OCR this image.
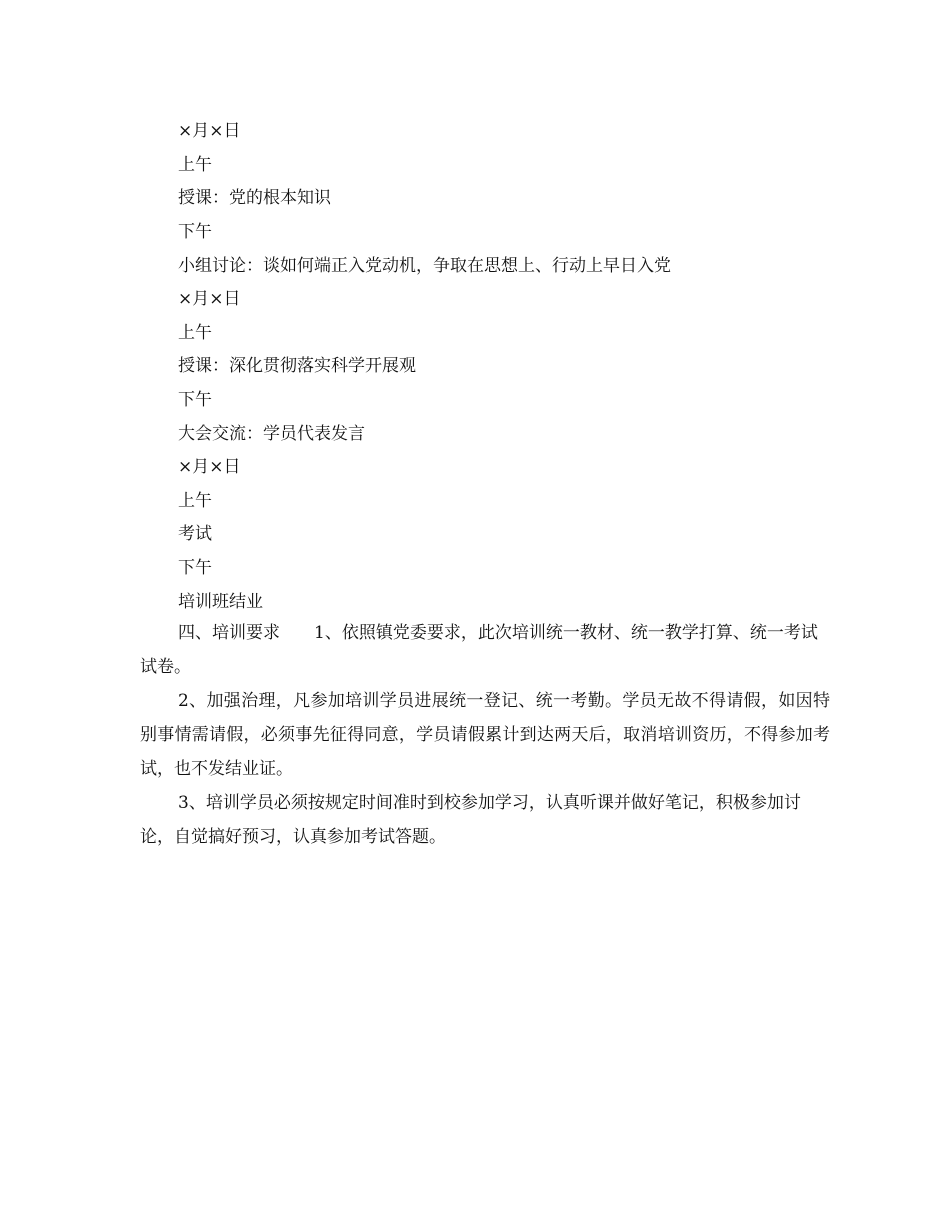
×月×日
上午
授课：党的根本知识
下午
小组讨论：谈如何端正入党动机，争取在思想上、行动上早日入党
×月×日
上午
授课：深化贯彻落实科学开展观
下午
大会交流：学员代表发言
×月×日
上午
考试
下午
培训班结业
四、培训要求 1、依照镇党委要求，此次培训统一教材、统一教学打算、统一考试试卷。
2、加强治理，凡参加培训学员进展统一登记、统一考勤。学员无故不得请假，如因特别事情需请假，必须事先征得同意，学员请假累计到达两天后，取消培训资历，不得参加考试，也不发结业证。
3、培训学员必须按规定时间准时到校参加学习，认真听课并做好笔记，积极参加讨论，自觉搞好预习，认真参加考试答题。
